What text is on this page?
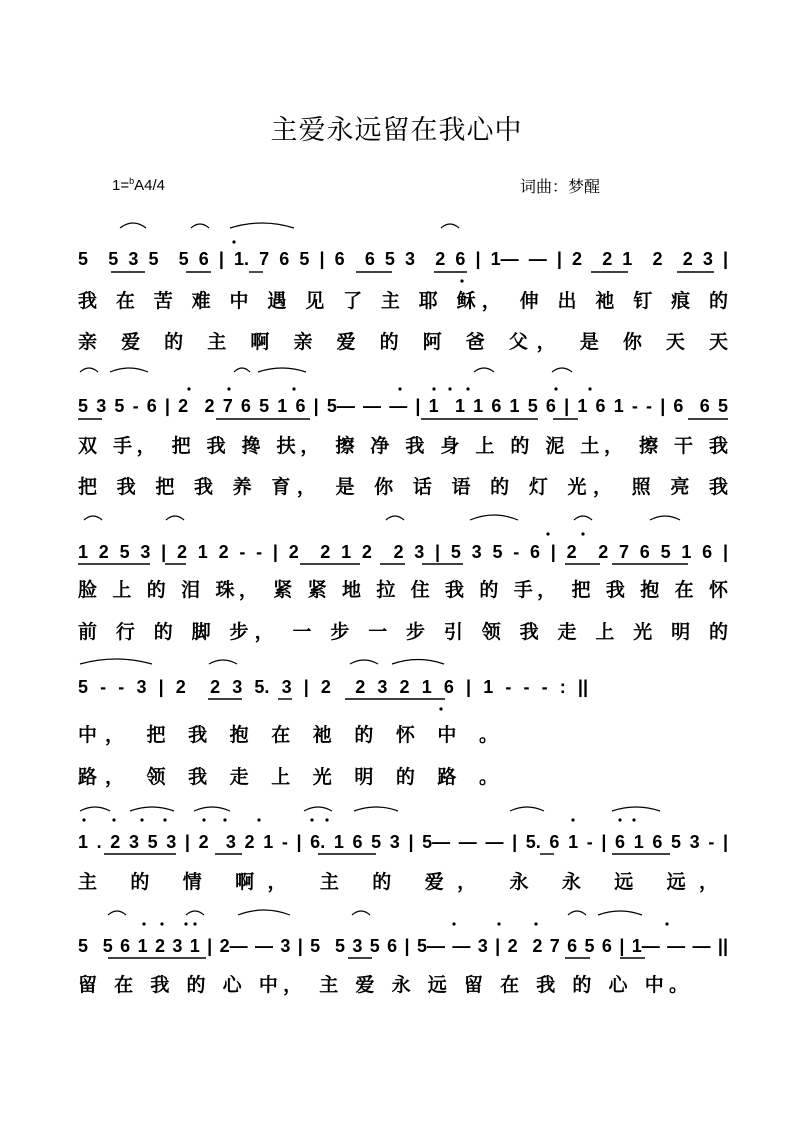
主爱永远留在我心中
1=$^b$A4/4	词曲：梦醒

5  5 3 5  5 6 | 1. 7 6 5 | 6  6 5 3  2 6 | 1— — | 2  2 1  2  2 3 |

我 在 苦 难 中 遇 见 了 主 耶 稣， 伸 出 祂 钉 痕 的

亲 爱 的 主 啊 亲 爱 的 阿 爸 父， 是 你 天 天

5 3 5 - 6 | 2  2 7 6 5 1 6 | 5— — — | 1  1 1 6 1 5 6 | 1 6 1 - - | 6  6 5

双 手， 把 我 搀 扶， 擦 净 我 身 上 的 泥 土， 擦 干 我

把 我 把 我 养 育， 是 你 话 语 的 灯 光， 照 亮 我

1 2 5 3 | 2 1 2 - - | 2  2 1 2  2 3 | 5 3 5 - 6 | 2  2 7 6 5 1 6 |

脸 上 的 泪 珠， 紧 紧 地 拉 住 我 的 手， 把 我 抱 在 怀

前 行 的 脚 步， 一 步 一 步 引 领 我 走 上 光 明 的

5 - - 3 | 2  2 3 5. 3 | 2  2 3 2 1 6 | 1 - - - : ||

中， 把 我 抱 在 祂 的 怀 中 。

路， 领 我 走 上 光 明 的 路 。

1 . 2 3 5 3 | 2  3 2 1 - | 6. 1 6 5 3 | 5— — — | 5. 6 1 - | 6 1 6 5 3 - |

主 的 情 啊， 主 的 爱， 永 永 远 远，

5  5 6 1 2 3 1 | 2— — 3 | 5  5 3 5 6 | 5— — 3 | 2  2 7 6 5 6 | 1— — — ||

留 在 我 的 心 中， 主 爱 永 远 留 在 我 的 心 中。
